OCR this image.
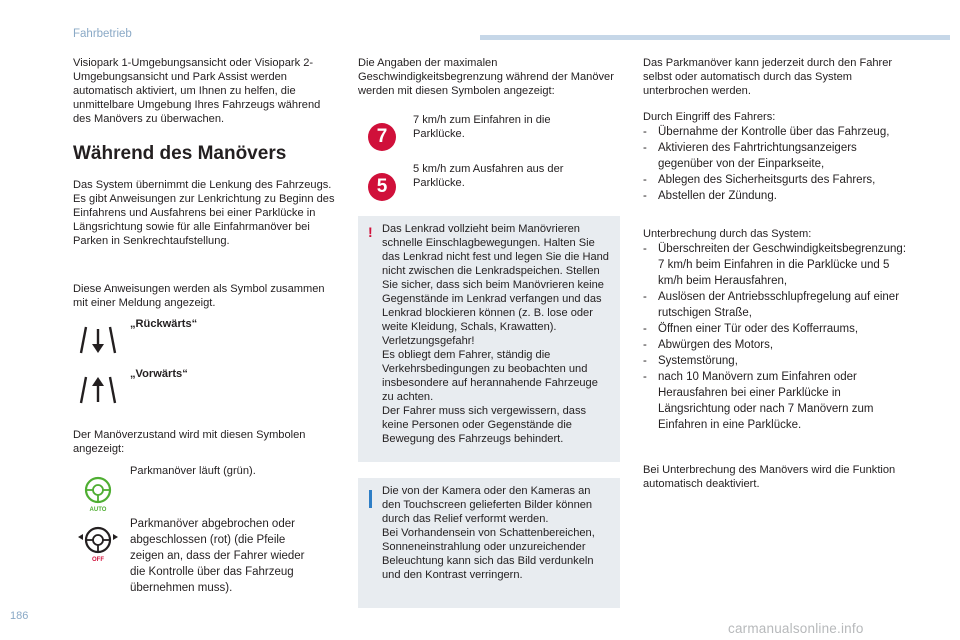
Fahrbetrieb

Visiopark 1-Umgebungsansicht oder Visiopark 2-Umgebungsansicht und Park Assist werden automatisch aktiviert, um Ihnen zu helfen, die unmittelbare Umgebung Ihres Fahrzeugs während des Manövers zu überwachen.

Während des Manövers

Das System übernimmt die Lenkung des Fahrzeugs. Es gibt Anweisungen zur Lenkrichtung zu Beginn des Einfahrens und Ausfahrens bei einer Parklücke in Längsrichtung sowie für alle Einfahrmanöver bei Parken in Senkrechtaufstellung.

Diese Anweisungen werden als Symbol zusammen mit einer Meldung angezeigt.

„Rückwärts“
„Vorwärts“

Der Manöverzustand wird mit diesen Symbolen angezeigt:

AUTO
Parkmanöver läuft (grün).
OFF

Parkmanöver abgebrochen oder abgeschlossen (rot) (die Pfeile zeigen an, dass der Fahrer wieder die Kontrolle über das Fahrzeug übernehmen muss).

Die Angaben der maximalen Geschwindigkeitsbegrenzung während der Manöver werden mit diesen Symbolen angezeigt:

7

7 km/h zum Einfahren in die Parklücke.

5

5 km/h zum Ausfahren aus der Parklücke.

! Das Lenkrad vollzieht beim Manövrieren schnelle Einschlagbewegungen. Halten Sie das Lenkrad nicht fest und legen Sie die Hand nicht zwischen die Lenkradspeichen. Stellen Sie sicher, dass sich beim Manövrieren keine Gegenstände im Lenkrad verfangen und das Lenkrad blockieren können (z. B. lose oder weite Kleidung, Schals, Krawatten). Verletzungsgefahr!
Es obliegt dem Fahrer, ständig die Verkehrsbedingungen zu beobachten und insbesondere auf herannahende Fahrzeuge zu achten.
Der Fahrer muss sich vergewissern, dass keine Personen oder Gegenstände die Bewegung des Fahrzeugs behindert.

Die von der Kamera oder den Kameras an den Touchscreen gelieferten Bilder können durch das Relief verformt werden.
Bei Vorhandensein von Schattenbereichen, Sonneneinstrahlung oder unzureichender Beleuchtung kann sich das Bild verdunkeln und den Kontrast verringern.

Das Parkmanöver kann jederzeit durch den Fahrer selbst oder automatisch durch das System unterbrochen werden.

Durch Eingriff des Fahrers:

- Übernahme der Kontrolle über das Fahrzeug,
- Aktivieren des Fahrtrichtungsanzeigers gegenüber von der Einparkseite,
- Ablegen des Sicherheitsgurts des Fahrers,
- Abstellen der Zündung.

Unterbrechung durch das System:

- Überschreiten der Geschwindigkeitsbegrenzung: 7 km/h beim Einfahren in die Parklücke und 5 km/h beim Herausfahren,
- Auslösen der Antriebsschlupfregelung auf einer rutschigen Straße,
- Öffnen einer Tür oder des Kofferraums,
- Abwürgen des Motors,
- Systemstörung,
- nach 10 Manövern zum Einfahren oder Herausfahren bei einer Parklücke in Längsrichtung oder nach 7 Manövern zum Einfahren in eine Parklücke.

Bei Unterbrechung des Manövers wird die Funktion automatisch deaktiviert.

186
carmanualsonline.info
